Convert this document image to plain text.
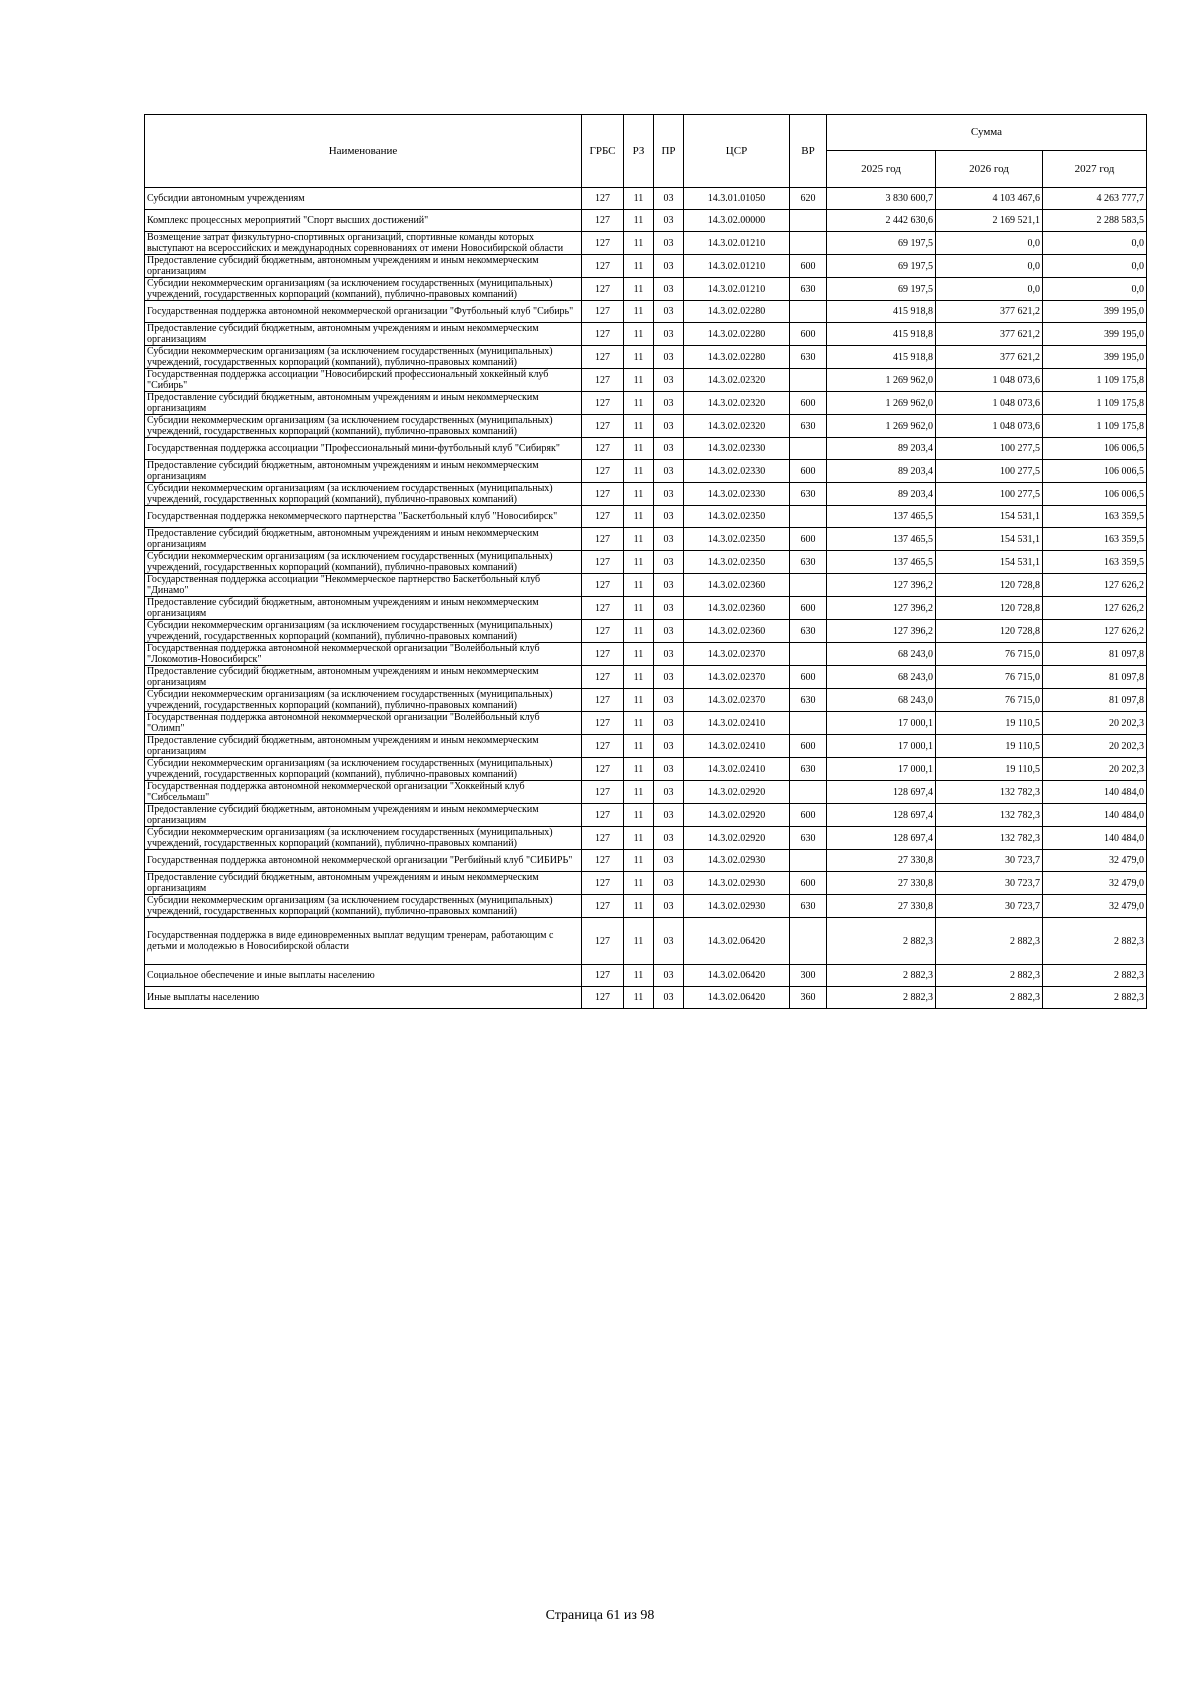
Наименование	ГРБС	РЗ	ПР	ЦСР	ВР	Сумма		
						2025 год	2026 год	2027 год
Субсидии автономным учреждениям	127	11	03	14.3.01.01050	620	3 830 600,7	4 103 467,6	4 263 777,7
Комплекс процессных мероприятий "Спорт высших достижений"	127	11	03	14.3.02.00000		2 442 630,6	2 169 521,1	2 288 583,5
Возмещение затрат физкультурно-спортивных организаций, спортивные команды которых выступают на всероссийских и международных соревнованиях от имени Новосибирской области	127	11	03	14.3.02.01210		69 197,5	0,0	0,0
Предоставление субсидий бюджетным, автономным учреждениям и иным некоммерческим организациям	127	11	03	14.3.02.01210	600	69 197,5	0,0	0,0
Субсидии некоммерческим организациям (за исключением государственных (муниципальных) учреждений, государственных корпораций (компаний), публично-правовых компаний)	127	11	03	14.3.02.01210	630	69 197,5	0,0	0,0
Государственная поддержка автономной некоммерческой организации "Футбольный клуб "Сибирь"	127	11	03	14.3.02.02280		415 918,8	377 621,2	399 195,0
Предоставление субсидий бюджетным, автономным учреждениям и иным некоммерческим организациям	127	11	03	14.3.02.02280	600	415 918,8	377 621,2	399 195,0
Субсидии некоммерческим организациям (за исключением государственных (муниципальных) учреждений, государственных корпораций (компаний), публично-правовых компаний)	127	11	03	14.3.02.02280	630	415 918,8	377 621,2	399 195,0
Государственная поддержка ассоциации "Новосибирский профессиональный хоккейный клуб "Сибирь"	127	11	03	14.3.02.02320		1 269 962,0	1 048 073,6	1 109 175,8
Предоставление субсидий бюджетным, автономным учреждениям и иным некоммерческим организациям	127	11	03	14.3.02.02320	600	1 269 962,0	1 048 073,6	1 109 175,8
Субсидии некоммерческим организациям (за исключением государственных (муниципальных) учреждений, государственных корпораций (компаний), публично-правовых компаний)	127	11	03	14.3.02.02320	630	1 269 962,0	1 048 073,6	1 109 175,8
Государственная поддержка ассоциации "Профессиональный мини-футбольный клуб "Сибиряк"	127	11	03	14.3.02.02330		89 203,4	100 277,5	106 006,5
Предоставление субсидий бюджетным, автономным учреждениям и иным некоммерческим организациям	127	11	03	14.3.02.02330	600	89 203,4	100 277,5	106 006,5
Субсидии некоммерческим организациям (за исключением государственных (муниципальных) учреждений, государственных корпораций (компаний), публично-правовых компаний)	127	11	03	14.3.02.02330	630	89 203,4	100 277,5	106 006,5
Государственная поддержка некоммерческого партнерства "Баскетбольный клуб "Новосибирск"	127	11	03	14.3.02.02350		137 465,5	154 531,1	163 359,5
Предоставление субсидий бюджетным, автономным учреждениям и иным некоммерческим организациям	127	11	03	14.3.02.02350	600	137 465,5	154 531,1	163 359,5
Субсидии некоммерческим организациям (за исключением государственных (муниципальных) учреждений, государственных корпораций (компаний), публично-правовых компаний)	127	11	03	14.3.02.02350	630	137 465,5	154 531,1	163 359,5
Государственная поддержка ассоциации "Некоммерческое партнерство Баскетбольный клуб "Динамо"	127	11	03	14.3.02.02360		127 396,2	120 728,8	127 626,2
Предоставление субсидий бюджетным, автономным учреждениям и иным некоммерческим организациям	127	11	03	14.3.02.02360	600	127 396,2	120 728,8	127 626,2
Субсидии некоммерческим организациям (за исключением государственных (муниципальных) учреждений, государственных корпораций (компаний), публично-правовых компаний)	127	11	03	14.3.02.02360	630	127 396,2	120 728,8	127 626,2
Государственная поддержка автономной некоммерческой организации "Волейбольный клуб "Локомотив-Новосибирск"	127	11	03	14.3.02.02370		68 243,0	76 715,0	81 097,8
Предоставление субсидий бюджетным, автономным учреждениям и иным некоммерческим организациям	127	11	03	14.3.02.02370	600	68 243,0	76 715,0	81 097,8
Субсидии некоммерческим организациям (за исключением государственных (муниципальных) учреждений, государственных корпораций (компаний), публично-правовых компаний)	127	11	03	14.3.02.02370	630	68 243,0	76 715,0	81 097,8
Государственная поддержка автономной некоммерческой организации "Волейбольный клуб "Олимп"	127	11	03	14.3.02.02410		17 000,1	19 110,5	20 202,3
Предоставление субсидий бюджетным, автономным учреждениям и иным некоммерческим организациям	127	11	03	14.3.02.02410	600	17 000,1	19 110,5	20 202,3
Субсидии некоммерческим организациям (за исключением государственных (муниципальных) учреждений, государственных корпораций (компаний), публично-правовых компаний)	127	11	03	14.3.02.02410	630	17 000,1	19 110,5	20 202,3
Государственная поддержка автономной некоммерческой организации "Хоккейный клуб "Сибсельмаш"	127	11	03	14.3.02.02920		128 697,4	132 782,3	140 484,0
Предоставление субсидий бюджетным, автономным учреждениям и иным некоммерческим организациям	127	11	03	14.3.02.02920	600	128 697,4	132 782,3	140 484,0
Субсидии некоммерческим организациям (за исключением государственных (муниципальных) учреждений, государственных корпораций (компаний), публично-правовых компаний)	127	11	03	14.3.02.02920	630	128 697,4	132 782,3	140 484,0
Государственная поддержка автономной некоммерческой организации "Регбийный клуб "СИБИРЬ"	127	11	03	14.3.02.02930		27 330,8	30 723,7	32 479,0
Предоставление субсидий бюджетным, автономным учреждениям и иным некоммерческим организациям	127	11	03	14.3.02.02930	600	27 330,8	30 723,7	32 479,0
Субсидии некоммерческим организациям (за исключением государственных (муниципальных) учреждений, государственных корпораций (компаний), публично-правовых компаний)	127	11	03	14.3.02.02930	630	27 330,8	30 723,7	32 479,0
Государственная поддержка в виде единовременных выплат ведущим тренерам, работающим с детьми и молодежью в Новосибирской области	127	11	03	14.3.02.06420		2 882,3	2 882,3	2 882,3
Социальное обеспечение и иные выплаты населению	127	11	03	14.3.02.06420	300	2 882,3	2 882,3	2 882,3
Иные выплаты населению	127	11	03	14.3.02.06420	360	2 882,3	2 882,3	2 882,3
Страница 61 из 98
